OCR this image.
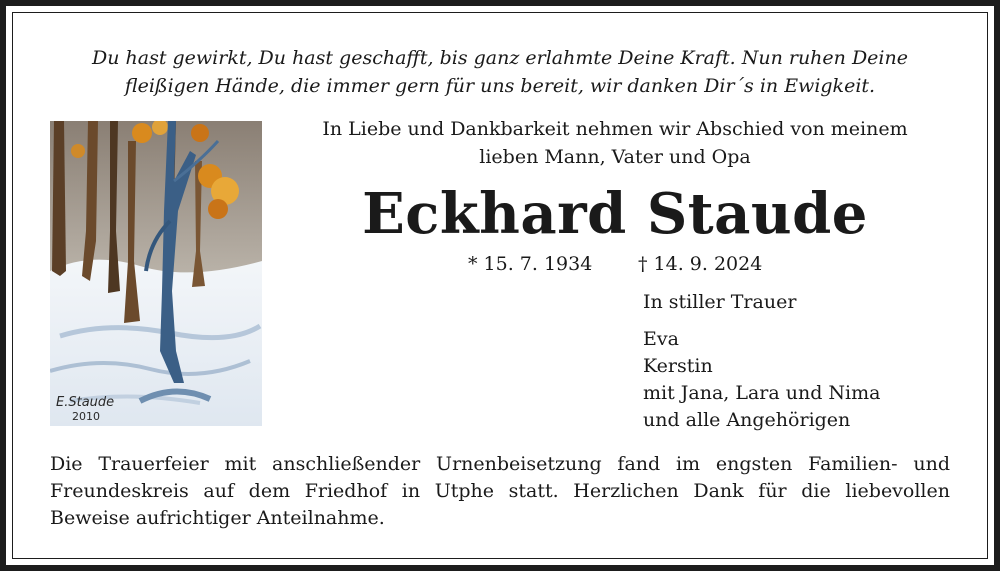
Du hast gewirkt, Du hast geschafft, bis ganz erlahmte Deine Kraft. Nun ruhen Deine
fleißigen Hände, die immer gern für uns bereit, wir danken Dir´s in Ewigkeit.
E.Staude
2010
In Liebe und Dankbarkeit nehmen wir Abschied von meinem
lieben Mann, Vater und Opa
Eckhard Staude
* 15. 7. 1934 † 14. 9. 2024
In stiller Trauer
Eva
Kerstin
mit Jana, Lara und Nima
und alle Angehörigen
Die Trauerfeier mit anschließender Urnenbeisetzung fand im engsten Familien- und
Freundeskreis auf dem Friedhof in Utphe statt. Herzlichen Dank für die liebevollen
Beweise aufrichtiger Anteilnahme.
